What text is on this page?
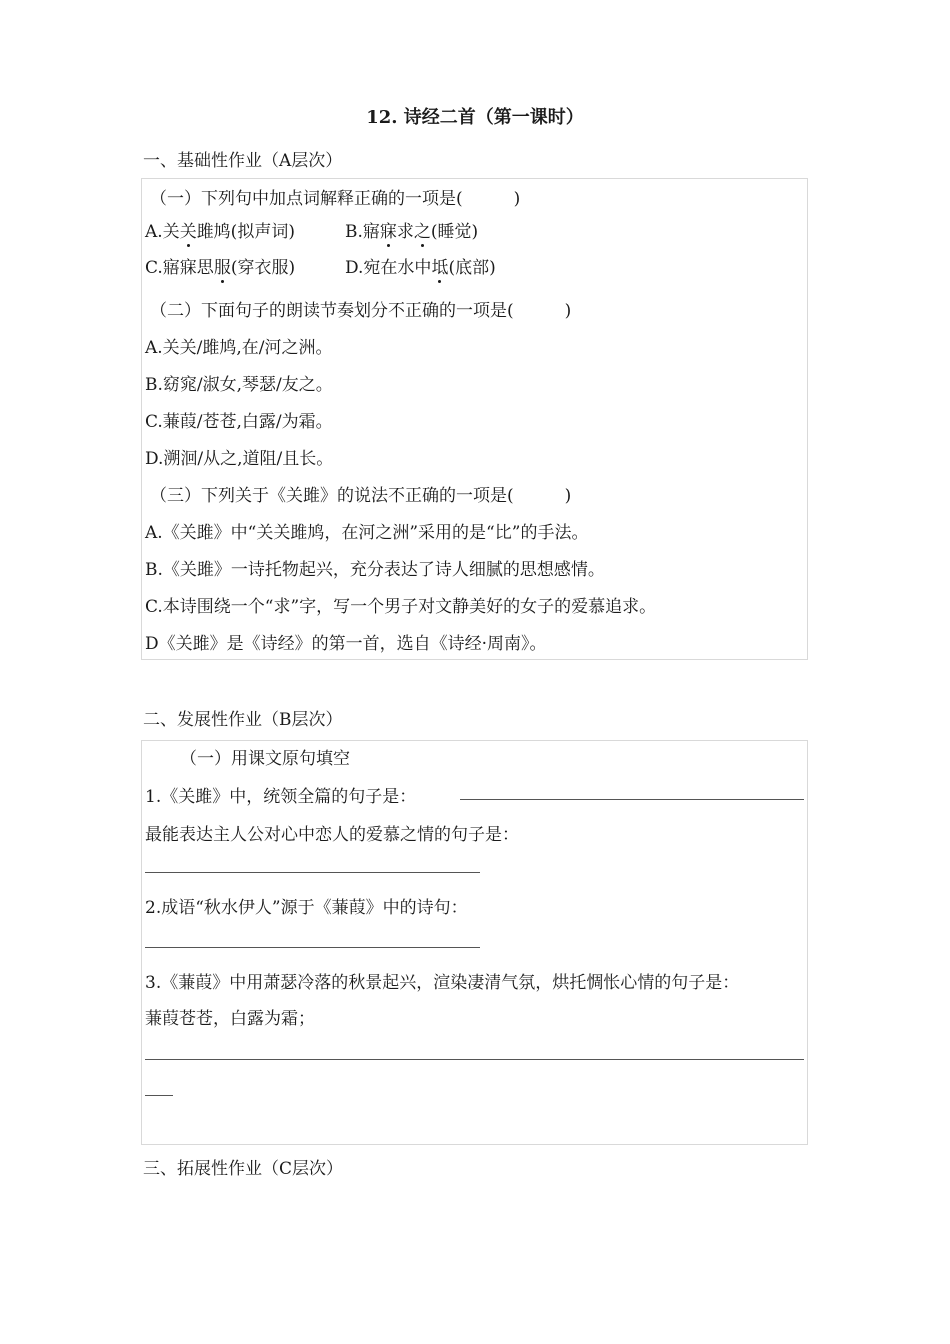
12. 诗经二首（第一课时）
一、基础性作业（A层次）
（一）下列句中加点词解释正确的一项是(　　　)
A.关关雎鸠(拟声词)	B.寤寐求之(睡觉)
C.寤寐思服(穿衣服)	D.宛在水中坻(底部)
（二）下面句子的朗读节奏划分不正确的一项是(　　　)
A.关关/雎鸠,在/河之洲。
B.窈窕/淑女,琴瑟/友之。
C.蒹葭/苍苍,白露/为霜。
D.溯洄/从之,道阻/且长。
（三）下列关于《关雎》的说法不正确的一项是(　　　)
A.《关雎》中“关关雎鸠，在河之洲”采用的是“比”的手法。
B.《关雎》一诗托物起兴，充分表达了诗人细腻的思想感情。
C.本诗围绕一个“求”字，写一个男子对文静美好的女子的爱慕追求。
D《关雎》是《诗经》的第一首，选自《诗经·周南》。
二、发展性作业（B层次）
（一）用课文原句填空
1.《关雎》中，统领全篇的句子是：
最能表达主人公对心中恋人的爱慕之情的句子是：
2.成语“秋水伊人”源于《蒹葭》中的诗句：
3.《蒹葭》中用萧瑟冷落的秋景起兴，渲染凄清气氛，烘托惆怅心情的句子是：
蒹葭苍苍，白露为霜；
三、拓展性作业（C层次）
